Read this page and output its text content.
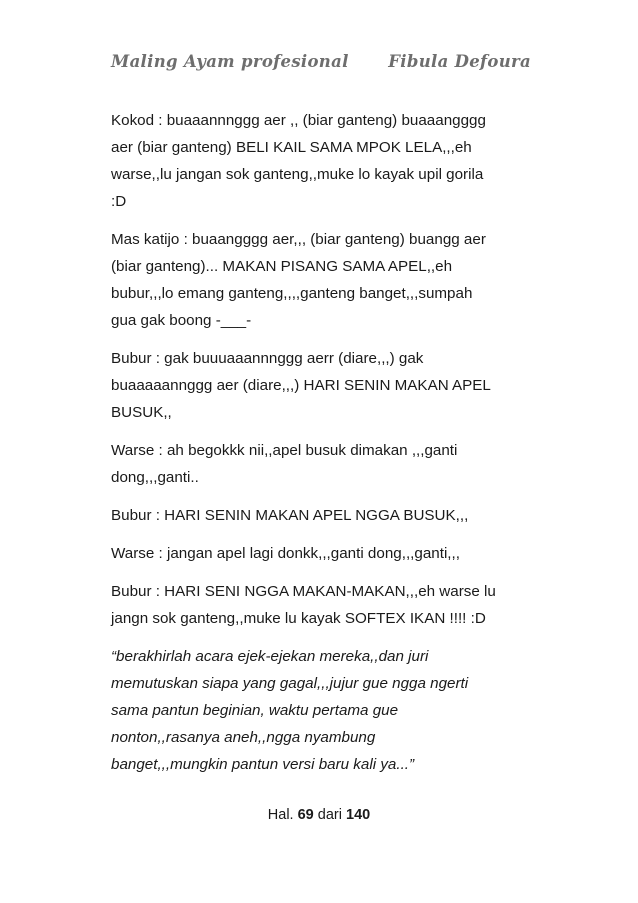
Maling Ayam profesional Fibula Defoura

Kokod : buaaannnggg aer ,, (biar ganteng) buaaangggg
aer (biar ganteng) BELI KAIL SAMA MPOK LELA,,,eh
warse,,lu jangan sok ganteng,,muke lo kayak upil gorila
:D

Mas katijo : buaangggg aer,,, (biar ganteng) buangg aer
(biar ganteng)... MAKAN PISANG SAMA APEL,,eh
bubur,,,lo emang ganteng,,,,ganteng banget,,,sumpah
gua gak boong -___-

Bubur : gak buuuaaannnggg aerr (diare,,,) gak
buaaaaannggg aer (diare,,,) HARI SENIN MAKAN APEL
BUSUK,,

Warse : ah begokkk nii,,apel busuk dimakan ,,,ganti
dong,,,ganti..

Bubur : HARI SENIN MAKAN APEL NGGA BUSUK,,,

Warse : jangan apel lagi donkk,,,ganti dong,,,ganti,,,

Bubur : HARI SENI NGGA MAKAN-MAKAN,,,eh warse lu
jangn sok ganteng,,muke lu kayak SOFTEX IKAN !!!! :D

“berakhirlah acara ejek-ejekan mereka,,dan juri
memutuskan siapa yang gagal,,,jujur gue ngga ngerti
sama pantun beginian, waktu pertama gue
nonton,,rasanya aneh,,ngga nyambung
banget,,,mungkin pantun versi baru kali ya...”

Hal. 69 dari 140
